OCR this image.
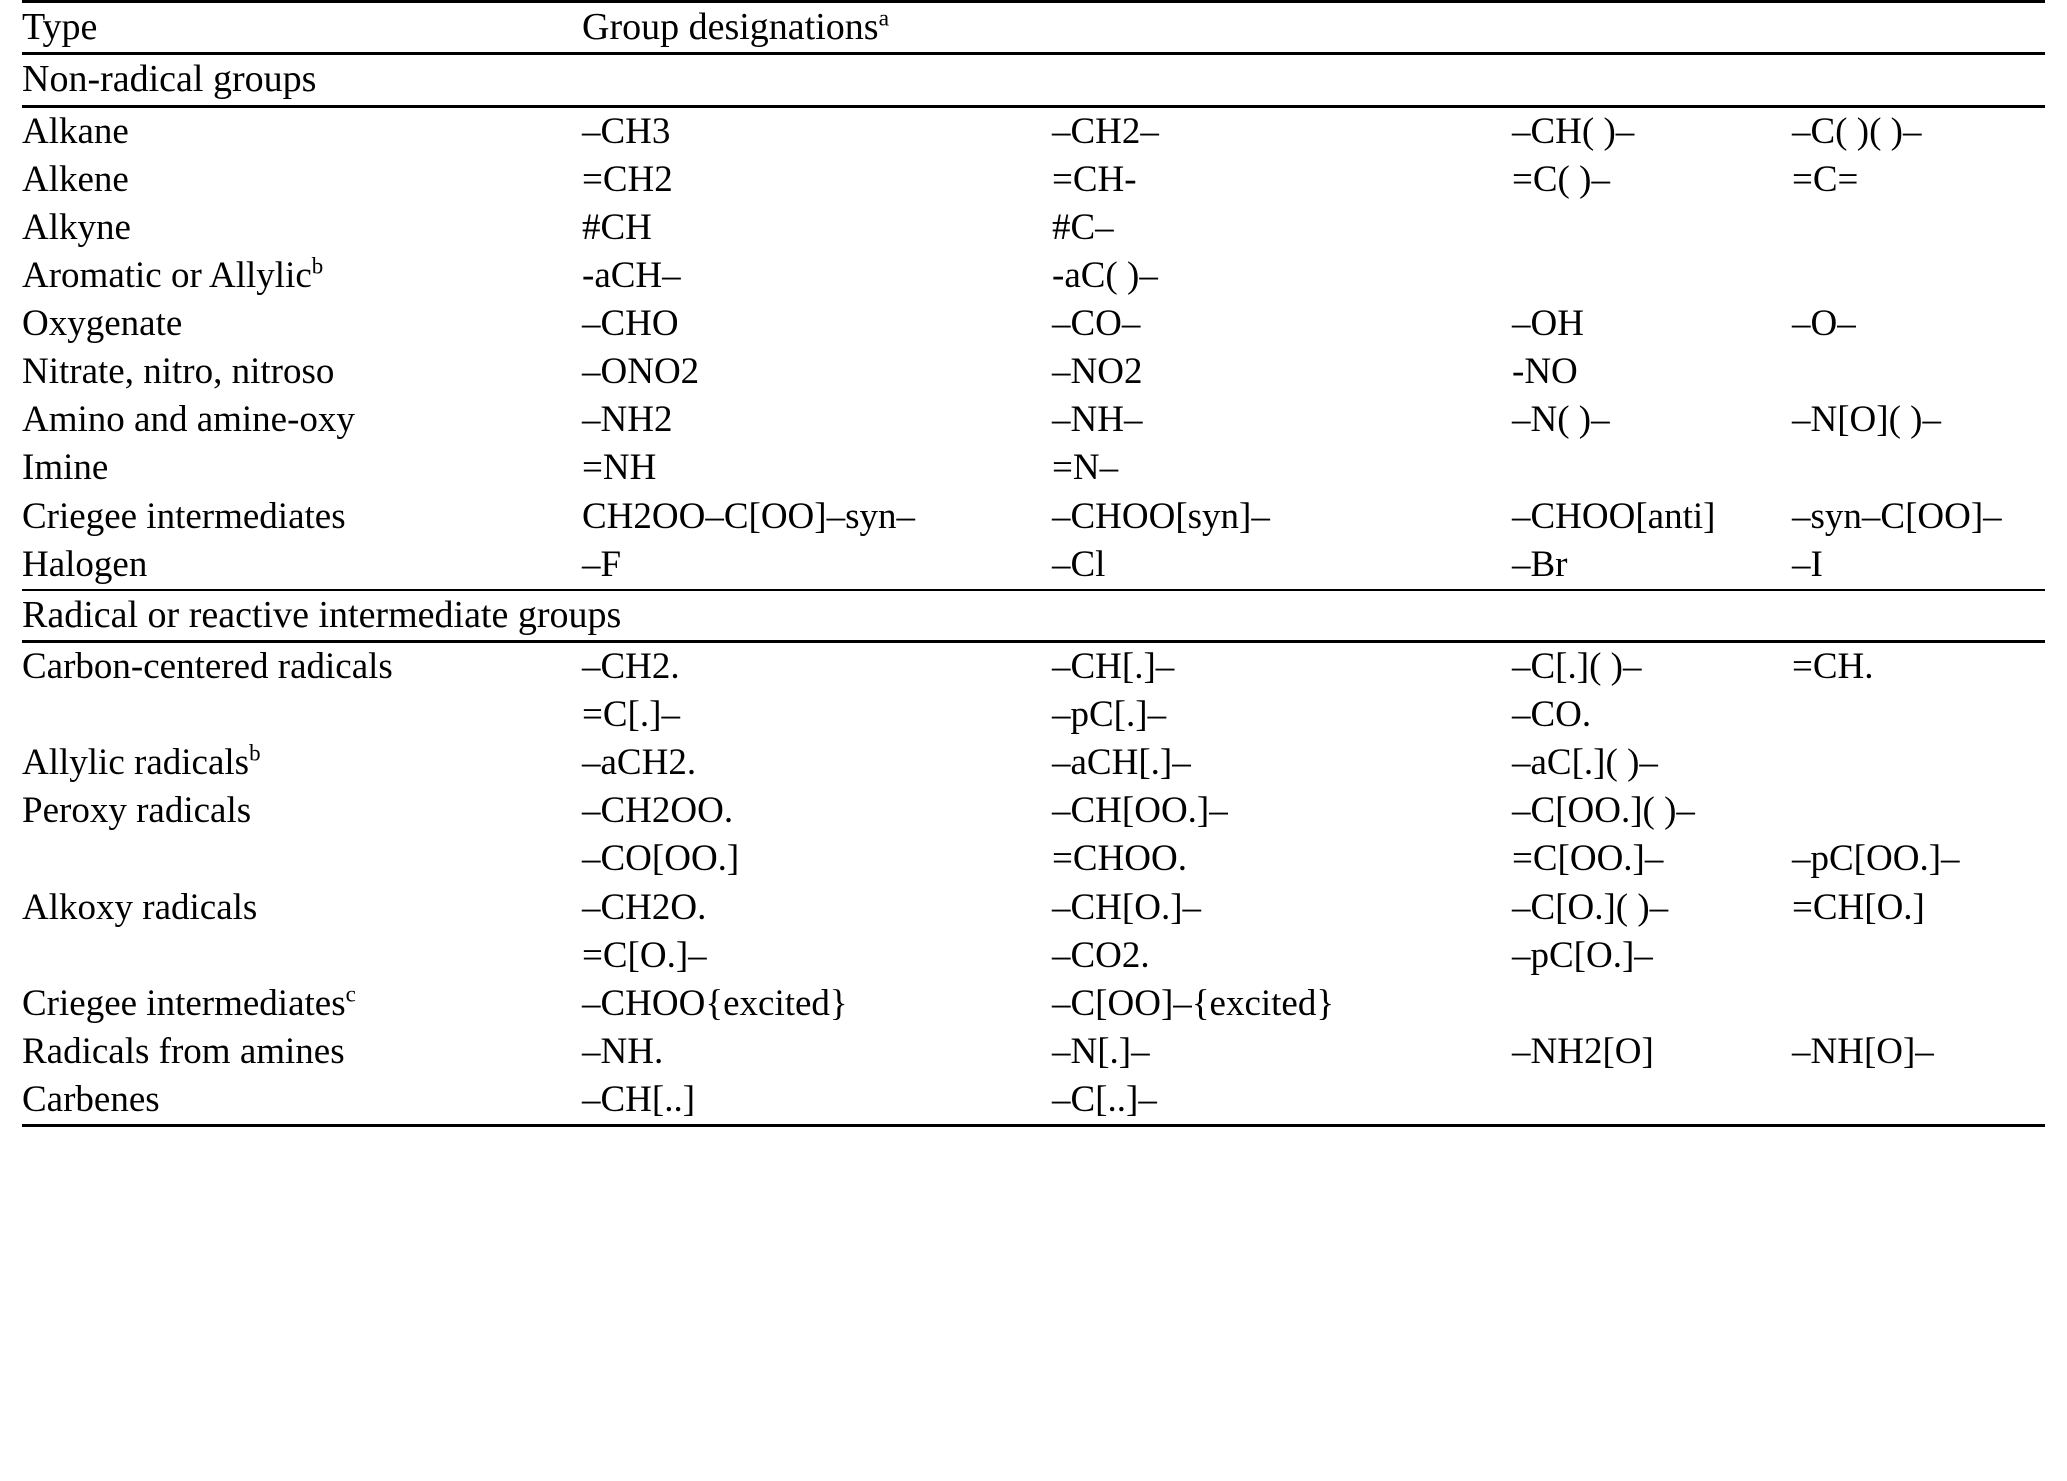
Type	Group designations$^a$
Non-radical groups				
Alkane	–CH3	–CH2–	–CH( )–	–C( )( )–
Alkene	=CH2	=CH-	=C( )–	=C=
Alkyne	#CH	#C–		
Aromatic or Allylic$^b$	-aCH–	-aC( )–		
Oxygenate	–CHO	–CO–	–OH	–O–
Nitrate, nitro, nitroso	–ONO2	–NO2	-NO	
Amino and amine-oxy	–NH2	–NH–	–N( )–	–N[O]( )–
Imine	=NH	=N–		
Criegee intermediates	CH2OO–C[OO]–syn–	–CHOO[syn]–	–CHOO[anti]	–syn–C[OO]–
Halogen	–F	–Cl	–Br	–I
Radical or reactive intermediate groups				
Carbon-centered radicals	–CH2.	–CH[.]–	–C[.]( )–	=CH.
	=C[.]–	–pC[.]–	–CO.	
Allylic radicals$^b$	–aCH2.	–aCH[.]–	–aC[.]( )–	
Peroxy radicals	–CH2OO.	–CH[OO.]–	–C[OO.]( )–	
	–CO[OO.]	=CHOO.	=C[OO.]–	–pC[OO.]–
Alkoxy radicals	–CH2O.	–CH[O.]–	–C[O.]( )–	=CH[O.]
	=C[O.]–	–CO2.	–pC[O.]–	
Criegee intermediates$^c$	–CHOO{excited}	–C[OO]–{excited}		
Radicals from amines	–NH.	–N[.]–	–NH2[O]	–NH[O]–
Carbenes	–CH[..]	–C[..]–		
